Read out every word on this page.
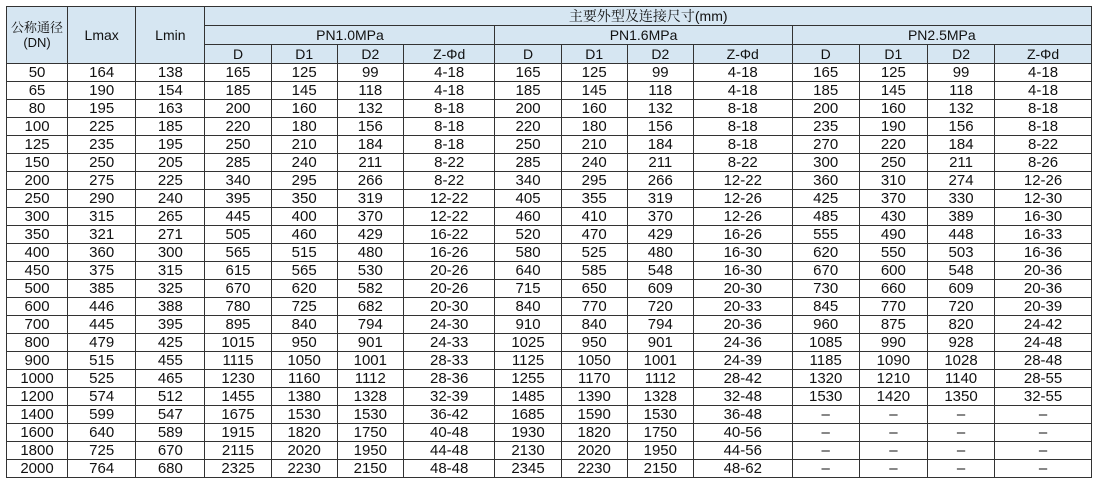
公称通径
(DN)	Lmax	Lmin	主要外型及连接尺寸(mm)											
			PN1.0MPa				PN1.6MPa				PN2.5MPa			
			D	D1	D2	Z-Φd	D	D1	D2	Z-Φd	D	D1	D2	Z-Φd
50	164	138	165	125	99	4-18	165	125	99	4-18	165	125	99	4-18
65	190	154	185	145	118	4-18	185	145	118	4-18	185	145	118	4-18
80	195	163	200	160	132	8-18	200	160	132	8-18	200	160	132	8-18
100	225	185	220	180	156	8-18	220	180	156	8-18	235	190	156	8-18
125	235	195	250	210	184	8-18	250	210	184	8-18	270	220	184	8-22
150	250	205	285	240	211	8-22	285	240	211	8-22	300	250	211	8-26
200	275	225	340	295	266	8-22	340	295	266	12-22	360	310	274	12-26
250	290	240	395	350	319	12-22	405	355	319	12-26	425	370	330	12-30
300	315	265	445	400	370	12-22	460	410	370	12-26	485	430	389	16-30
350	321	271	505	460	429	16-22	520	470	429	16-26	555	490	448	16-33
400	360	300	565	515	480	16-26	580	525	480	16-30	620	550	503	16-36
450	375	315	615	565	530	20-26	640	585	548	16-30	670	600	548	20-36
500	385	325	670	620	582	20-26	715	650	609	20-30	730	660	609	20-36
600	446	388	780	725	682	20-30	840	770	720	20-33	845	770	720	20-39
700	445	395	895	840	794	24-30	910	840	794	20-36	960	875	820	24-42
800	479	425	1015	950	901	24-33	1025	950	901	24-36	1085	990	928	24-48
900	515	455	1115	1050	1001	28-33	1125	1050	1001	24-39	1185	1090	1028	28-48
1000	525	465	1230	1160	1112	28-36	1255	1170	1112	28-42	1320	1210	1140	28-55
1200	574	512	1455	1380	1328	32-39	1485	1390	1328	32-48	1530	1420	1350	32-55
1400	599	547	1675	1530	1530	36-42	1685	1590	1530	36-48	–	–	–	–
1600	640	589	1915	1820	1750	40-48	1930	1820	1750	40-56	–	–	–	–
1800	725	670	2115	2020	1950	44-48	2130	2020	1950	44-56	–	–	–	–
2000	764	680	2325	2230	2150	48-48	2345	2230	2150	48-62	–	–	–	–
